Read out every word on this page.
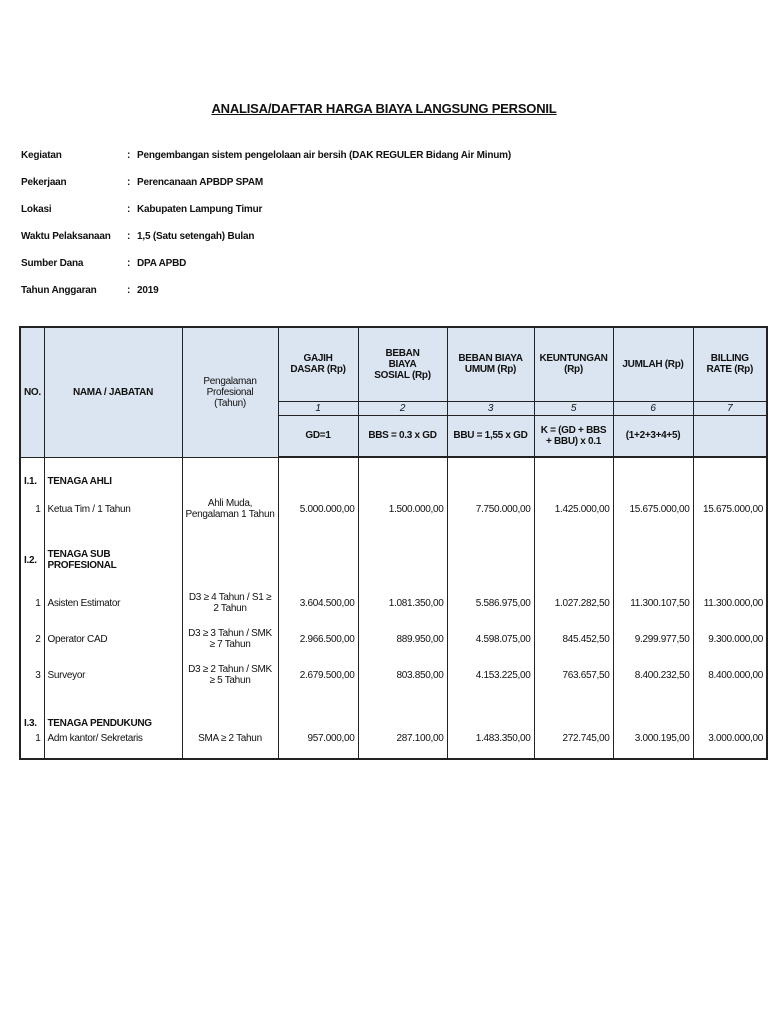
ANALISA/DAFTAR HARGA BIAYA LANGSUNG PERSONIL
Kegiatan	: Pengembangan sistem pengelolaan air bersih (DAK REGULER Bidang Air Minum)
Pekerjaan	: Perencanaan APBDP SPAM
Lokasi	: Kabupaten Lampung Timur
Waktu Pelaksanaan	: 1,5 (Satu setengah) Bulan
Sumber Dana	: DPA APBD
Tahun Anggaran	: 2019
NO.	NAMA / JABATAN	Pengalaman Profesional (Tahun)	GAJIH DASAR (Rp)	BEBAN BIAYA SOSIAL (Rp)	BEBAN BIAYA UMUM (Rp)	KEUNTUNGAN (Rp)	JUMLAH (Rp)	BILLING RATE (Rp)
			1	2	3	5	6	7
			GD=1	BBS = 0.3 x GD	BBU = 1,55 x GD	K = (GD + BBS + BBU) x 0.1	(1+2+3+4+5)	

I.1.	TENAGA AHLI							
1	Ketua Tim / 1 Tahun	Ahli Muda, Pengalaman 1 Tahun	5.000.000,00	1.500.000,00	7.750.000,00	1.425.000,00	15.675.000,00	15.675.000,00

I.2.	TENAGA SUB PROFESIONAL							

1	Asisten Estimator	D3 ≥ 4 Tahun / S1 ≥ 2 Tahun	3.604.500,00	1.081.350,00	5.586.975,00	1.027.282,50	11.300.107,50	11.300.000,00
2	Operator CAD	D3 ≥ 3 Tahun / SMK ≥ 7 Tahun	2.966.500,00	889.950,00	4.598.075,00	845.452,50	9.299.977,50	9.300.000,00
3	Surveyor	D3 ≥ 2 Tahun / SMK ≥ 5 Tahun	2.679.500,00	803.850,00	4.153.225,00	763.657,50	8.400.232,50	8.400.000,00

I.3.	TENAGA PENDUKUNG							
1	Adm kantor/ Sekretaris	SMA ≥ 2 Tahun	957.000,00	287.100,00	1.483.350,00	272.745,00	3.000.195,00	3.000.000,00
